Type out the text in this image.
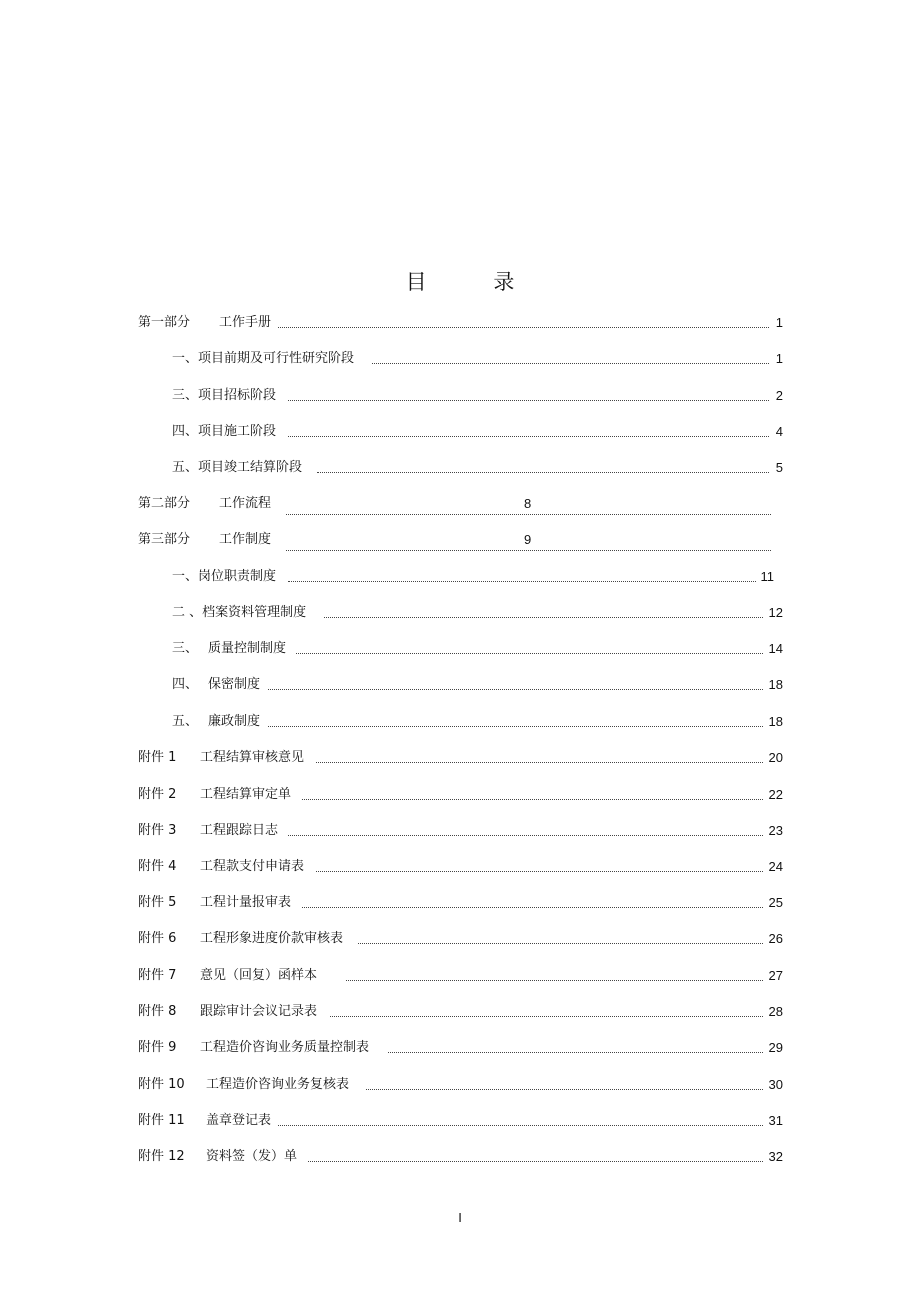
目 录
第一部分 工作手册	1
一、项目前期及可行性研究阶段	1
三、项目招标阶段	2
四、项目施工阶段	4
五、项目竣工结算阶段	5
第二部分 工作流程	8
第三部分 工作制度	9
一、岗位职责制度	11
二 、档案资料管理制度	12
三、 质量控制制度	14
四、 保密制度	18
五、 廉政制度	18
附件 1 工程结算审核意见	20
附件 2 工程结算审定单	22
附件 3 工程跟踪日志	23
附件 4 工程款支付申请表	24
附件 5 工程计量报审表	25
附件 6 工程形象进度价款审核表	26
附件 7 意见（回复）函样本	27
附件 8 跟踪审计会议记录表	28
附件 9 工程造价咨询业务质量控制表	29
附件 10 工程造价咨询业务复核表	30
附件 11 盖章登记表	31
附件 12 资料签（发）单	32
I
